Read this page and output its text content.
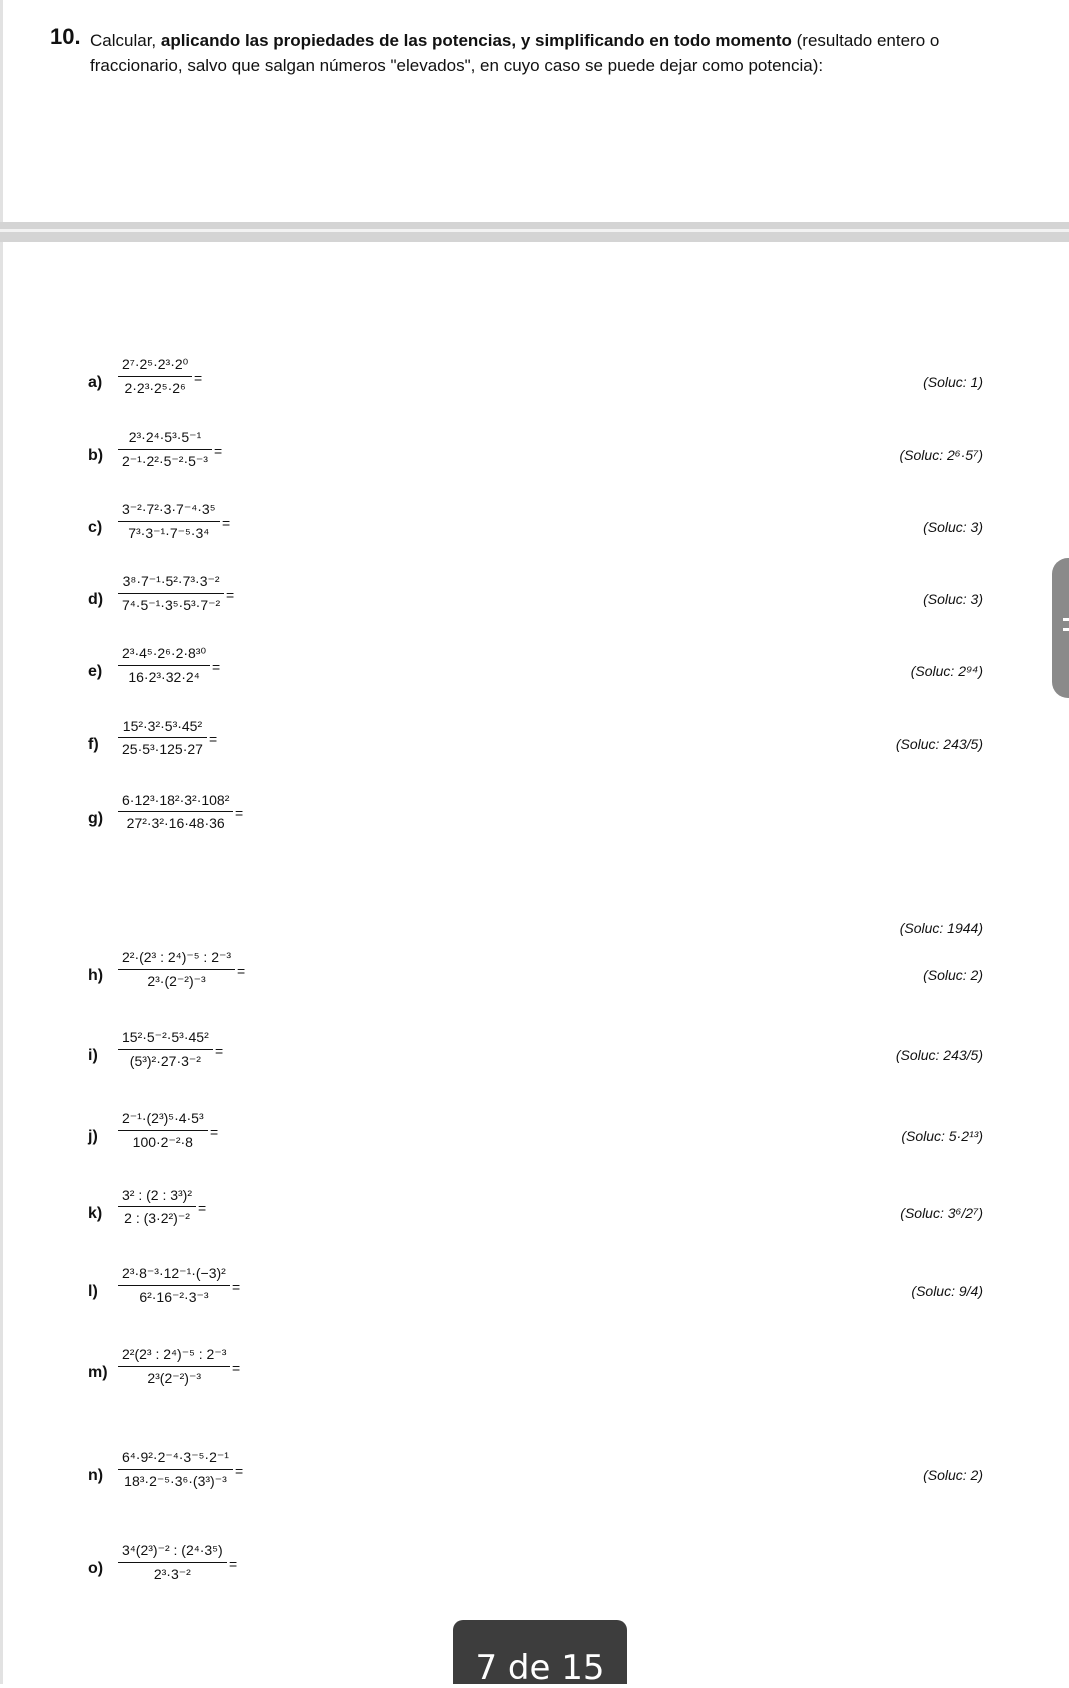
10. Calcular, aplicando las propiedades de las potencias, y simplificando en todo momento (resultado entero o fraccionario, salvo que salgan números "elevados", en cuyo caso se puede dejar como potencia):
a)
2⁷·2⁵·2³·2⁰
2·2³·2⁵·2⁶
=	(Soluc: 1)
b)
2³·2⁴·5³·5⁻¹
2⁻¹·2²·5⁻²·5⁻³
=	(Soluc: 2⁶·5⁷)
c)
3⁻²·7²·3·7⁻⁴·3⁵
7³·3⁻¹·7⁻⁵·3⁴
=	(Soluc: 3)
d)
3⁸·7⁻¹·5²·7³·3⁻²
7⁴·5⁻¹·3⁵·5³·7⁻²
=	(Soluc: 3)
e)
2³·4⁵·2⁶·2·8³⁰
16·2³·32·2⁴
=	(Soluc: 2⁹⁴)
f)
15²·3²·5³·45²
25·5³·125·27
=	(Soluc: 243/5)
g)
6·12³·18²·3²·108²
27²·3²·16·48·36
=
(Soluc: 1944)
h)
2²·(2³ : 2⁴)⁻⁵ : 2⁻³
2³·(2⁻²)⁻³
=	(Soluc: 2)
i)
15²·5⁻²·5³·45²
(5³)²·27·3⁻²
=	(Soluc: 243/5)
j)
2⁻¹·(2³)⁵·4·5³
100·2⁻²·8
=	(Soluc: 5·2¹³)
k)
3² : (2 : 3³)²
2 : (3·2²)⁻²
=	(Soluc: 3⁶/2⁷)
l)
2³·8⁻³·12⁻¹·(−3)²
6²·16⁻²·3⁻³
=	(Soluc: 9/4)
m)
2²(2³ : 2⁴)⁻⁵ : 2⁻³
2³(2⁻²)⁻³
=
n)
6⁴·9²·2⁻⁴·3⁻⁵·2⁻¹
18³·2⁻⁵·3⁶·(3³)⁻³
=	(Soluc: 2)
o)
3⁴(2³)⁻² : (2⁴·3⁵)
2³·3⁻²
=
7 de 15
